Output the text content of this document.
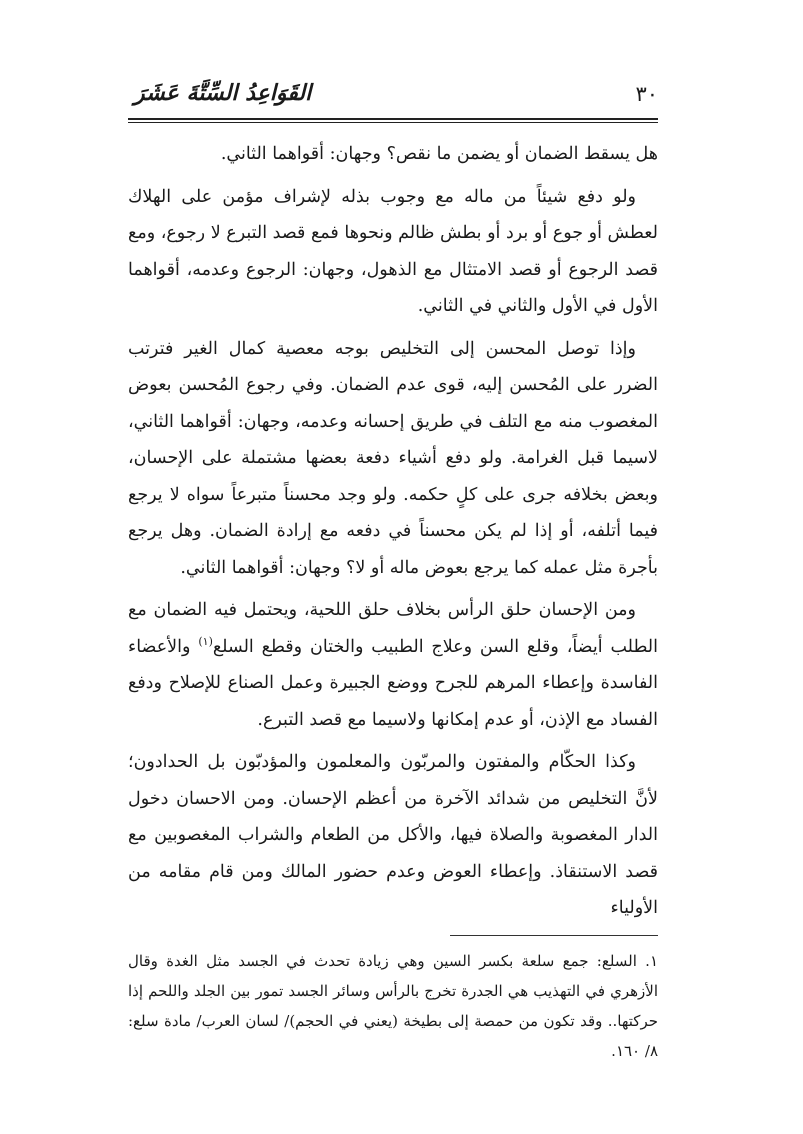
٣٠
القَوَاعِدُ السِّتَّةَ عَشَرَ

هل يسقط الضمان أو يضمن ما نقص؟ وجهان: أقواهما الثاني.

ولو دفع شيئاً من ماله مع وجوب بذله لإشراف مؤمن على الهلاك لعطش أو جوع أو برد أو بطش ظالم ونحوها فمع قصد التبرع لا رجوع، ومع قصد الرجوع أو قصد الامتثال مع الذهول، وجهان: الرجوع وعدمه، أقواهما الأول في الأول والثاني في الثاني.

وإذا توصل المحسن إلى التخليص بوجه معصية كمال الغير فترتب الضرر على المُحسن إليه، قوى عدم الضمان. وفي رجوع المُحسن بعوض المغصوب منه مع التلف في طريق إحسانه وعدمه، وجهان: أقواهما الثاني، لاسيما قبل الغرامة. ولو دفع أشياء دفعة بعضها مشتملة على الإحسان، وبعض بخلافه جرى على كلٍ حكمه. ولو وجد محسناً متبرعاً سواه لا يرجع فيما أتلفه، أو إذا لم يكن محسناً في دفعه مع إرادة الضمان. وهل يرجع بأجرة مثل عمله كما يرجع بعوض ماله أو لا؟ وجهان: أقواهما الثاني.

ومن الإحسان حلق الرأس بخلاف حلق اللحية، ويحتمل فيه الضمان مع الطلب أيضاً، وقلع السن وعلاج الطبيب والختان وقطع السلع$^{(١)}$ والأعضاء الفاسدة وإعطاء المرهم للجرح ووضع الجبيرة وعمل الصناع للإصلاح ودفع الفساد مع الإذن، أو عدم إمكانها ولاسيما مع قصد التبرع.

وكذا الحكّام والمفتون والمربّون والمعلمون والمؤدبّون بل الحدادون؛ لأنَّ التخليص من شدائد الآخرة من أعظم الإحسان. ومن الاحسان دخول الدار المغصوبة والصلاة فيها، والأكل من الطعام والشراب المغصوبين مع قصد الاستنقاذ. وإعطاء العوض وعدم حضور المالك ومن قام مقامه من الأولياء

١. السلع: جمع سلعة بكسر السين وهي زيادة تحدث في الجسد مثل الغدة وقال الأزهري في التهذيب هي الجدرة تخرج بالرأس وسائر الجسد تمور بين الجلد واللحم إذا حركتها.. وقد تكون من حمصة إلى بطيخة (يعني في الحجم)/ لسان العرب/ مادة سلع: ٨/ ١٦٠.
